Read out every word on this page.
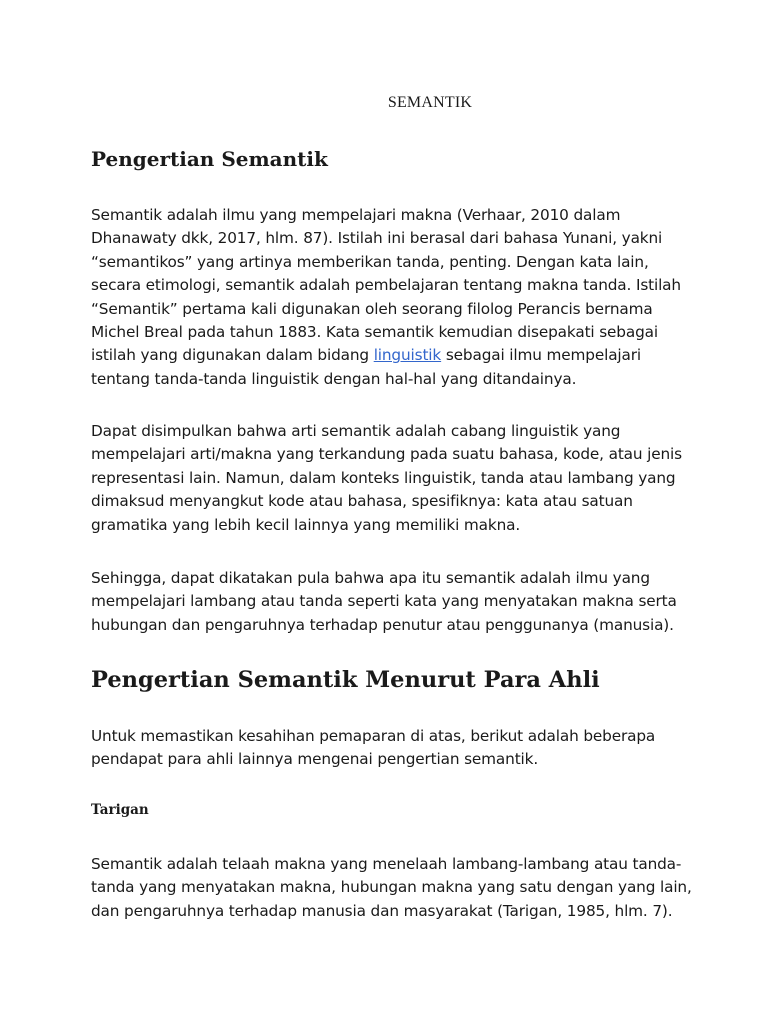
SEMANTIK
Pengertian Semantik

Semantik adalah ilmu yang mempelajari makna (Verhaar, 2010 dalam
Dhanawaty dkk, 2017, hlm. 87). Istilah ini berasal dari bahasa Yunani, yakni
“semantikos” yang artinya memberikan tanda, penting. Dengan kata lain,
secara etimologi, semantik adalah pembelajaran tentang makna tanda. Istilah
“Semantik” pertama kali digunakan oleh seorang filolog Perancis bernama
Michel Breal pada tahun 1883. Kata semantik kemudian disepakati sebagai
istilah yang digunakan dalam bidang linguistik sebagai ilmu mempelajari
tentang tanda-tanda linguistik dengan hal-hal yang ditandainya.

Dapat disimpulkan bahwa arti semantik adalah cabang linguistik yang
mempelajari arti/makna yang terkandung pada suatu bahasa, kode, atau jenis
representasi lain. Namun, dalam konteks linguistik, tanda atau lambang yang
dimaksud menyangkut kode atau bahasa, spesifiknya: kata atau satuan
gramatika yang lebih kecil lainnya yang memiliki makna.

Sehingga, dapat dikatakan pula bahwa apa itu semantik adalah ilmu yang
mempelajari lambang atau tanda seperti kata yang menyatakan makna serta
hubungan dan pengaruhnya terhadap penutur atau penggunanya (manusia).

Pengertian Semantik Menurut Para Ahli

Untuk memastikan kesahihan pemaparan di atas, berikut adalah beberapa
pendapat para ahli lainnya mengenai pengertian semantik.

Tarigan

Semantik adalah telaah makna yang menelaah lambang-lambang atau tanda-
tanda yang menyatakan makna, hubungan makna yang satu dengan yang lain,
dan pengaruhnya terhadap manusia dan masyarakat (Tarigan, 1985, hlm. 7).
